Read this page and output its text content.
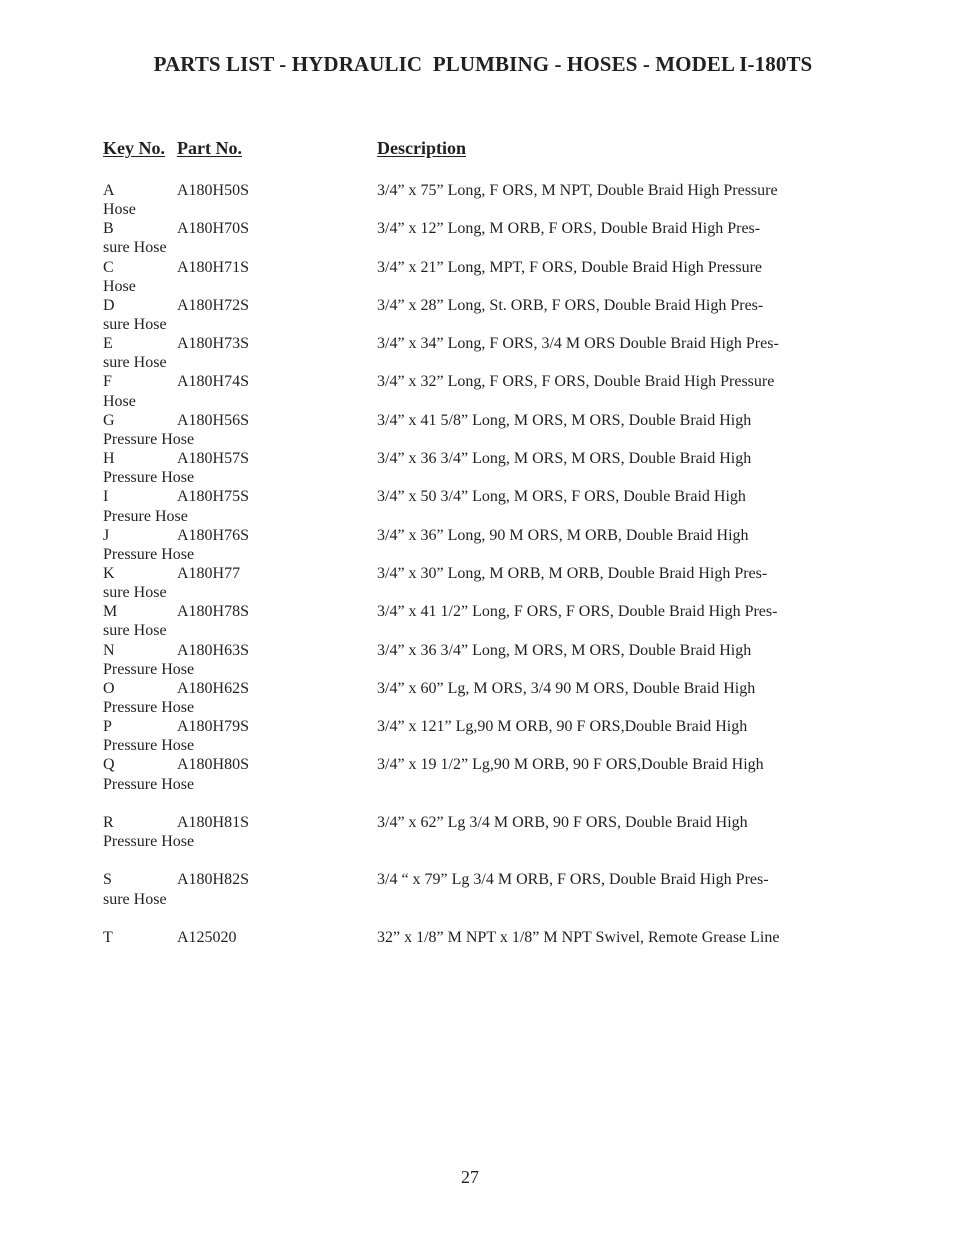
PARTS LIST - HYDRAULIC  PLUMBING - HOSES - MODEL I-180TS
Key No. Part No.	Description
A	A180H50S	3/4” x 75” Long, F ORS, M NPT, Double Braid High Pressure
Hose
B	A180H70S	3/4” x 12” Long, M ORB, F ORS, Double Braid High Pres-
sure Hose
C	A180H71S	3/4” x 21” Long, MPT, F ORS, Double Braid High Pressure
Hose
D	A180H72S	3/4” x 28” Long, St. ORB, F ORS, Double Braid High Pres-
sure Hose
E	A180H73S	3/4” x 34” Long, F ORS, 3/4 M ORS Double Braid High Pres-
sure Hose
F	A180H74S	3/4” x 32” Long, F ORS, F ORS, Double Braid High Pressure
Hose
G	A180H56S	3/4” x 41 5/8” Long, M ORS, M ORS, Double Braid High
Pressure Hose
H	A180H57S	3/4” x 36 3/4” Long, M ORS, M ORS, Double Braid High
Pressure Hose
I	A180H75S	3/4” x 50 3/4” Long, M ORS, F ORS, Double Braid High
Presure Hose
J	A180H76S	3/4” x 36” Long, 90 M ORS, M ORB, Double Braid High
Pressure Hose
K	A180H77	3/4” x 30” Long, M ORB, M ORB, Double Braid High Pres-
sure Hose
M	A180H78S	3/4” x 41 1/2” Long, F ORS, F ORS, Double Braid High Pres-
sure Hose
N	A180H63S	3/4” x 36 3/4” Long, M ORS, M ORS, Double Braid High
Pressure Hose
O	A180H62S	3/4” x 60” Lg, M ORS, 3/4 90 M ORS, Double Braid High
Pressure Hose
P	A180H79S	3/4” x 121” Lg,90 M ORB, 90 F ORS,Double Braid High
Pressure Hose
Q	A180H80S	3/4” x 19 1/2” Lg,90 M ORB, 90 F ORS,Double Braid High
Pressure Hose
R	A180H81S	3/4” x 62” Lg 3/4 M ORB, 90 F ORS, Double Braid High
Pressure Hose
S	A180H82S	3/4 “ x 79” Lg 3/4 M ORB, F ORS, Double Braid High Pres-
sure Hose
T	A125020	32” x 1/8” M NPT x 1/8” M NPT Swivel, Remote Grease Line
27
